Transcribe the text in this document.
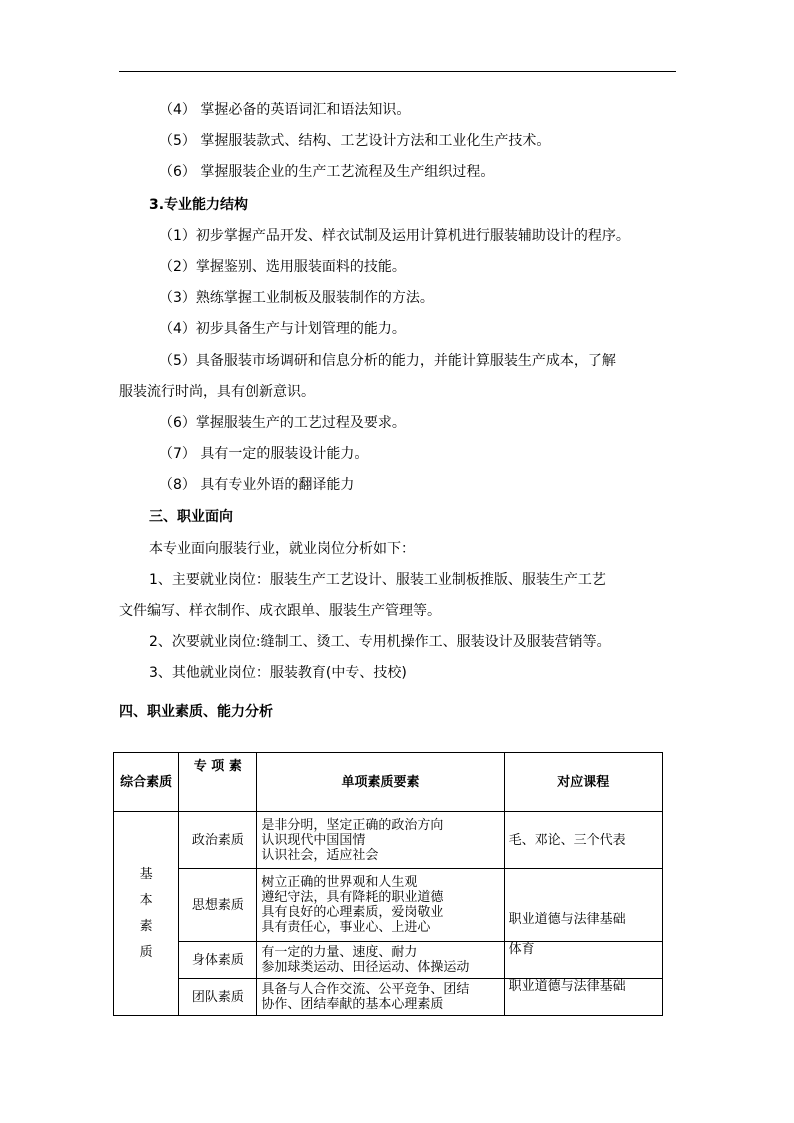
（4） 掌握必备的英语词汇和语法知识。
（5） 掌握服装款式、结构、工艺设计方法和工业化生产技术。
（6） 掌握服装企业的生产工艺流程及生产组织过程。
3.专业能力结构
（1）初步掌握产品开发、样衣试制及运用计算机进行服装辅助设计的程序。
（2）掌握鉴别、选用服装面料的技能。
（3）熟练掌握工业制板及服装制作的方法。
（4）初步具备生产与计划管理的能力。
（5）具备服装市场调研和信息分析的能力，并能计算服装生产成本，了解
服装流行时尚，具有创新意识。
（6）掌握服装生产的工艺过程及要求。
（7） 具有一定的服装设计能力。
（8） 具有专业外语的翻译能力
三、职业面向
本专业面向服装行业，就业岗位分析如下：
1、主要就业岗位：服装生产工艺设计、服装工业制板推版、服装生产工艺
文件编写、样衣制作、成衣跟单、服装生产管理等。
2、次要就业岗位:缝制工、烫工、专用机操作工、服装设计及服装营销等。
3、其他就业岗位：服装教育(中专、技校)
四、职业素质、能力分析
综合素质	专 项 素	单项素质要素	对应课程

基
本
素
质	政治素质	是非分明，坚定正确的政治方向
认识现代中国国情
认识社会，适应社会	毛、邓论、三个代表
	思想素质	树立正确的世界观和人生观
遵纪守法，具有降耗的职业道德
具有良好的心理素质，爱岗敬业
具有责任心，事业心、上进心	职业道德与法律基础
	身体素质	有一定的力量、速度、耐力
参加球类运动、田径运动、体操运动	体育
	团队素质	具备与人合作交流、公平竞争、团结
协作、团结奉献的基本心理素质	职业道德与法律基础
